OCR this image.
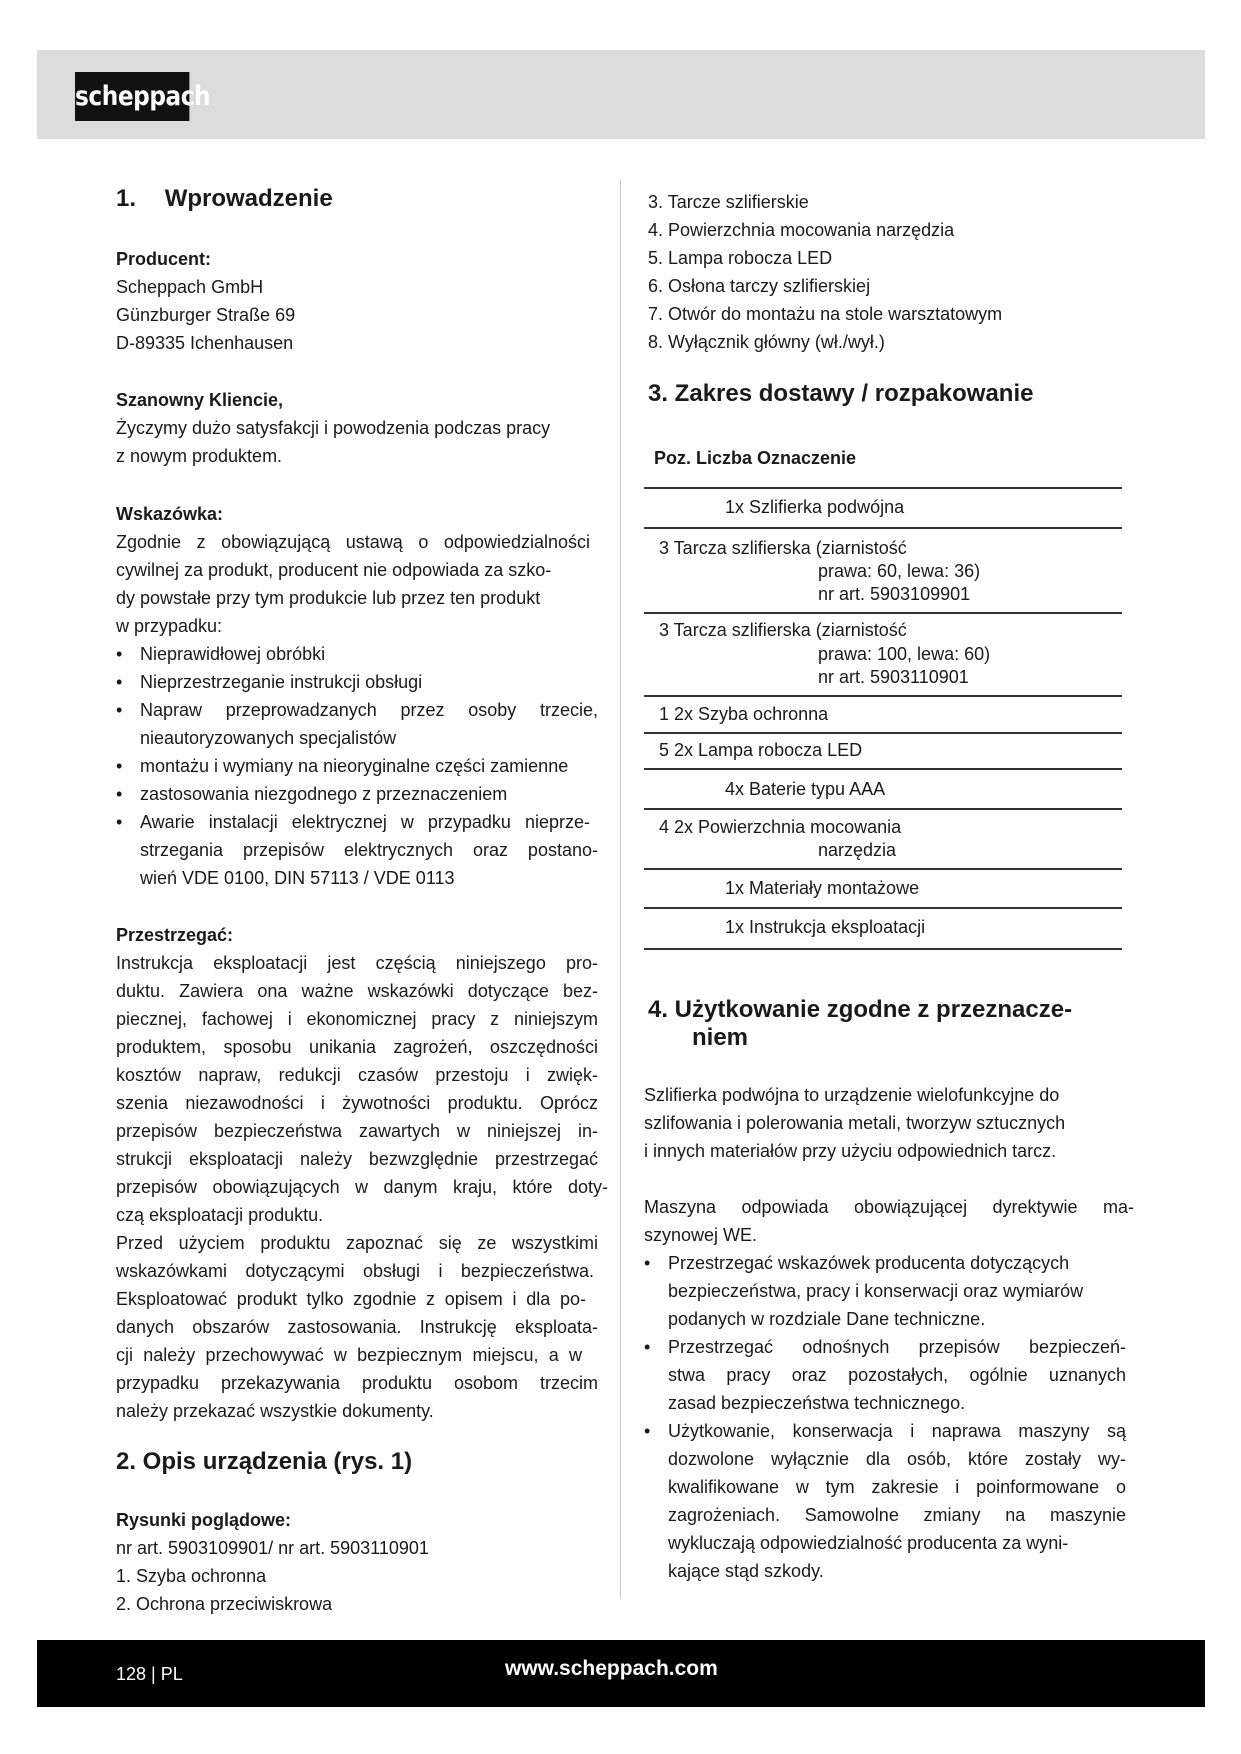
scheppach
1. Wprowadzenie
Producent:
Scheppach GmbH
Günzburger Straße 69
D-89335 Ichenhausen
Szanowny Kliencie,
Życzymy dużo satysfakcji i powodzenia podczas pracy
z nowym produktem.
Wskazówka:
Zgodnie z obowiązującą ustawą o odpowiedzialności
cywilnej za produkt, producent nie odpowiada za szko-
dy powstałe przy tym produkcie lub przez ten produkt
w przypadku:
• Nieprawidłowej obróbki
• Nieprzestrzeganie instrukcji obsługi
• Napraw przeprowadzanych przez osoby trzecie,
nieautoryzowanych specjalistów
• montażu i wymiany na nieoryginalne części zamienne
• zastosowania niezgodnego z przeznaczeniem
• Awarie instalacji elektrycznej w przypadku nieprze-
strzegania przepisów elektrycznych oraz postano-
wień VDE 0100, DIN 57113 / VDE 0113
Przestrzegać:
Instrukcja eksploatacji jest częścią niniejszego pro-
duktu. Zawiera ona ważne wskazówki dotyczące bez-
piecznej, fachowej i ekonomicznej pracy z niniejszym
produktem, sposobu unikania zagrożeń, oszczędności
kosztów napraw, redukcji czasów przestoju i zwięk-
szenia niezawodności i żywotności produktu. Oprócz
przepisów bezpieczeństwa zawartych w niniejszej in-
strukcji eksploatacji należy bezwzględnie przestrzegać
przepisów obowiązujących w danym kraju, które doty-
czą eksploatacji produktu.
Przed użyciem produktu zapoznać się ze wszystkimi
wskazówkami dotyczącymi obsługi i bezpieczeństwa.
Eksploatować produkt tylko zgodnie z opisem i dla po-
danych obszarów zastosowania. Instrukcję eksploata-
cji należy przechowywać w bezpiecznym miejscu, a w
przypadku przekazywania produktu osobom trzecim
należy przekazać wszystkie dokumenty.
2. Opis urządzenia (rys. 1)
Rysunki poglądowe:
nr art. 5903109901/ nr art. 5903110901
1. Szyba ochronna
2. Ochrona przeciwiskrowa
3. Tarcze szlifierskie
4. Powierzchnia mocowania narzędzia
5. Lampa robocza LED
6. Osłona tarczy szlifierskiej
7. Otwór do montażu na stole warsztatowym
8. Wyłącznik główny (wł./wył.)
3. Zakres dostawy / rozpakowanie
Poz. Liczba Oznaczenie
1x Szlifierka podwójna
3 Tarcza szlifierska (ziarnistość
prawa: 60, lewa: 36)
nr art. 5903109901
3 Tarcza szlifierska (ziarnistość
prawa: 100, lewa: 60)
nr art. 5903110901
1 2x Szyba ochronna
5 2x Lampa robocza LED
4x Baterie typu AAA
4 2x Powierzchnia mocowania
narzędzia
1x Materiały montażowe
1x Instrukcja eksploatacji
4. Użytkowanie zgodne z przeznacze-
niem
Szlifierka podwójna to urządzenie wielofunkcyjne do
szlifowania i polerowania metali, tworzyw sztucznych
i innych materiałów przy użyciu odpowiednich tarcz.
Maszyna odpowiada obowiązującej dyrektywie ma-
szynowej WE.
• Przestrzegać wskazówek producenta dotyczących
bezpieczeństwa, pracy i konserwacji oraz wymiarów
podanych w rozdziale Dane techniczne.
• Przestrzegać odnośnych przepisów bezpieczeń-
stwa pracy oraz pozostałych, ogólnie uznanych
zasad bezpieczeństwa technicznego.
• Użytkowanie, konserwacja i naprawa maszyny są
dozwolone wyłącznie dla osób, które zostały wy-
kwalifikowane w tym zakresie i poinformowane o
zagrożeniach. Samowolne zmiany na maszynie
wykluczają odpowiedzialność producenta za wyni-
kające stąd szkody.
128 | PL	www.scheppach.com
